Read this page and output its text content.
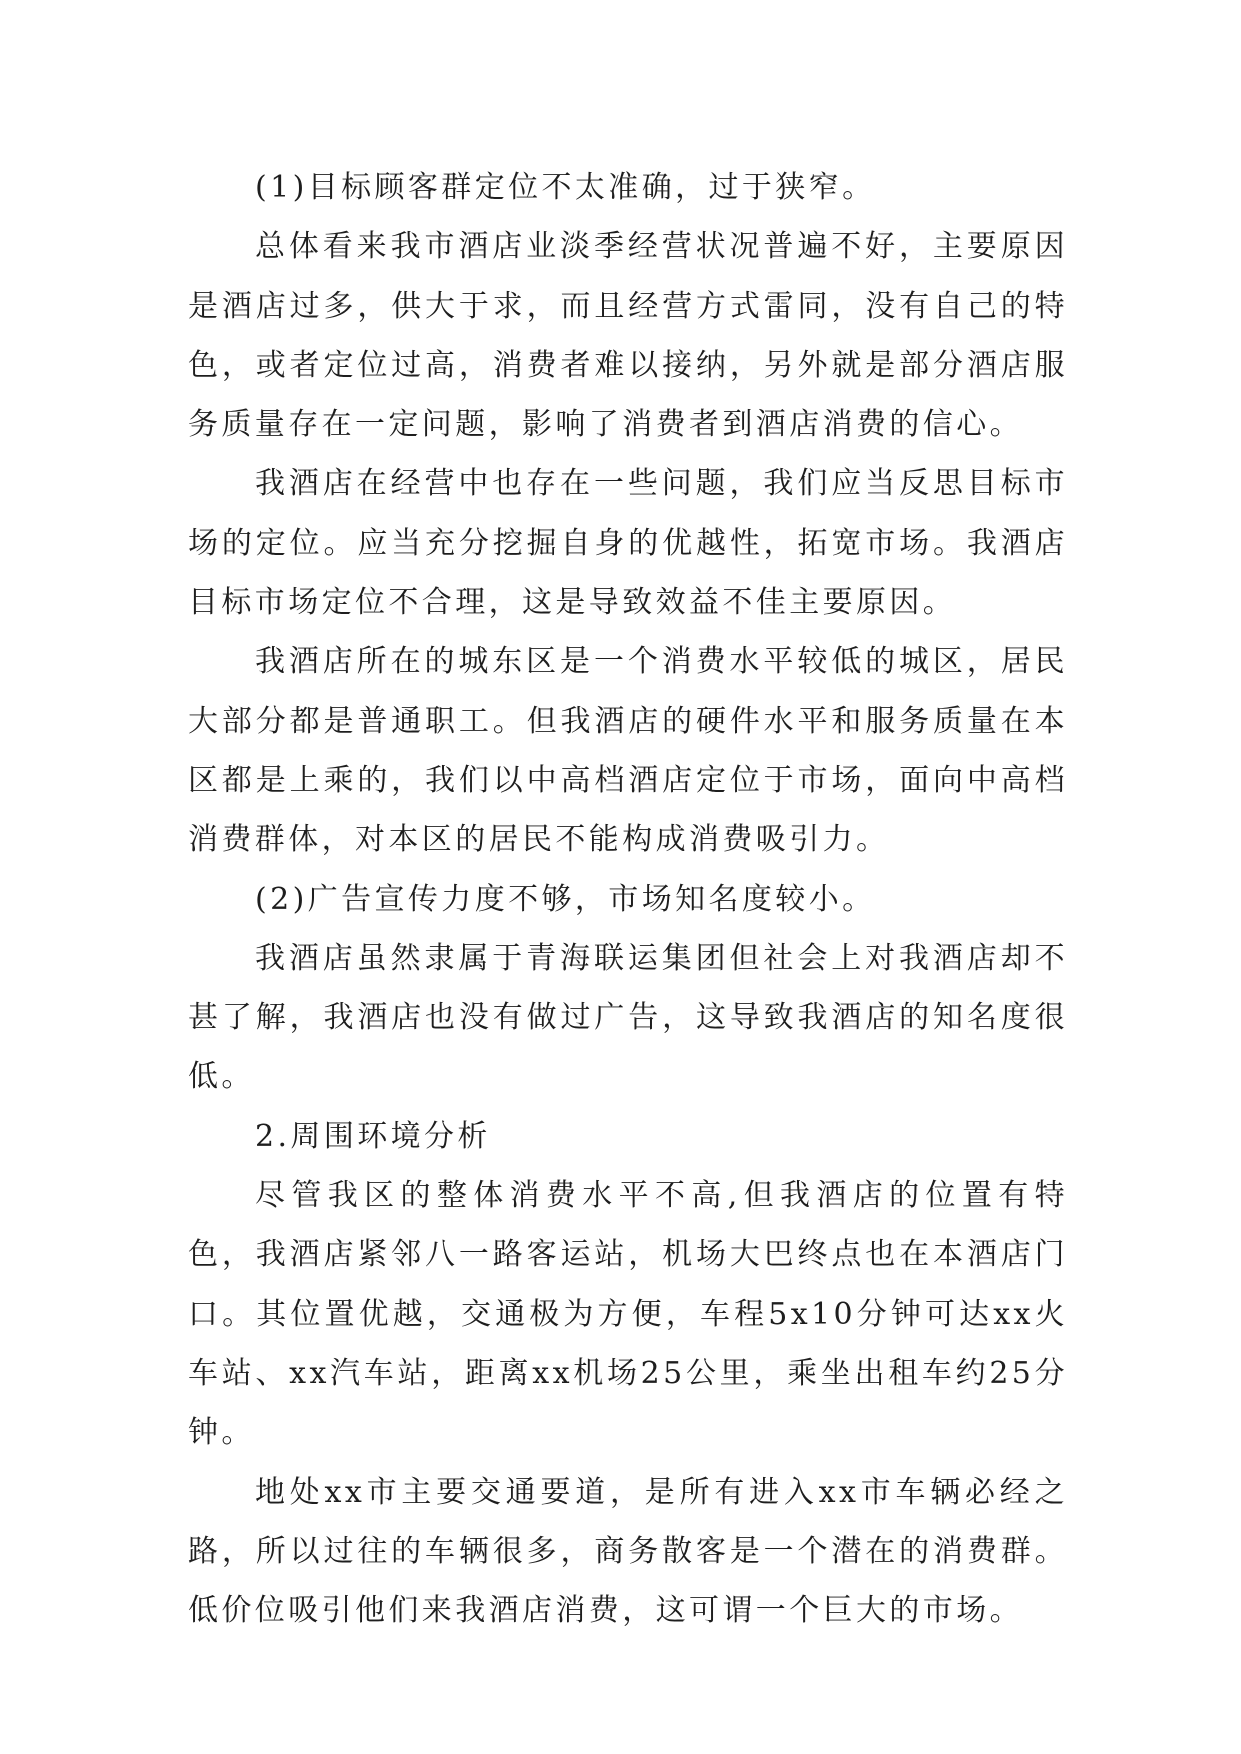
(1)目标顾客群定位不太准确，过于狭窄。

总体看来我市酒店业淡季经营状况普遍不好，主要原因是酒店过多，供大于求，而且经营方式雷同，没有自己的特色，或者定位过高，消费者难以接纳，另外就是部分酒店服务质量存在一定问题，影响了消费者到酒店消费的信心。

我酒店在经营中也存在一些问题，我们应当反思目标市场的定位。应当充分挖掘自身的优越性，拓宽市场。我酒店目标市场定位不合理，这是导致效益不佳主要原因。

我酒店所在的城东区是一个消费水平较低的城区，居民大部分都是普通职工。但我酒店的硬件水平和服务质量在本区都是上乘的，我们以中高档酒店定位于市场，面向中高档消费群体，对本区的居民不能构成消费吸引力。

(2)广告宣传力度不够，市场知名度较小。

我酒店虽然隶属于青海联运集团但社会上对我酒店却不甚了解，我酒店也没有做过广告，这导致我酒店的知名度很低。

2.周围环境分析

尽管我区的整体消费水平不高,但我酒店的位置有特色，我酒店紧邻八一路客运站，机场大巴终点也在本酒店门口。其位置优越，交通极为方便，车程5x10分钟可达xx火车站、xx汽车站，距离xx机场25公里，乘坐出租车约25分钟。

地处xx市主要交通要道，是所有进入xx市车辆必经之路，所以过往的车辆很多，商务散客是一个潜在的消费群。低价位吸引他们来我酒店消费，这可谓一个巨大的市场。
